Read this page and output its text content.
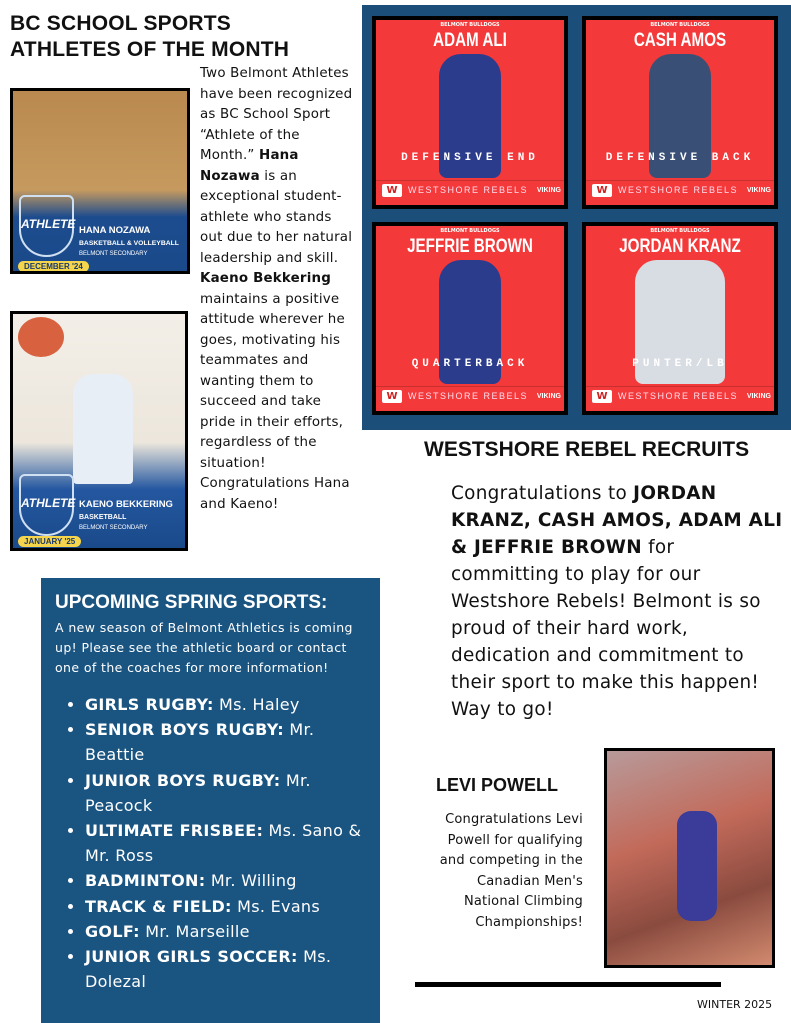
BC SCHOOL SPORTS
ATHLETES OF THE MONTH
ATHLETE HANA NOZAWA
BASKETBALL & VOLLEYBALL
BELMONT SECONDARY
DECEMBER '24
ATHLETE KAENO BEKKERING
BASKETBALL
BELMONT SECONDARY
JANUARY '25
Two Belmont Athletes have been recognized as BC School Sport “Athlete of the Month.” Hana Nozawa is an exceptional student-athlete who stands out due to her natural leadership and skill. Kaeno Bekkering maintains a positive attitude wherever he goes, motivating his teammates and wanting them to succeed and take pride in their efforts, regardless of the situation! Congratulations Hana and Kaeno!
BELMONT BULLDOGS
ADAM ALI
DEFENSIVE END
W	WESTSHORE REBELS VIKING
BELMONT BULLDOGS
CASH AMOS
DEFENSIVE BACK
W	WESTSHORE REBELS VIKING
BELMONT BULLDOGS
JEFFRIE BROWN
QUARTERBACK
W	WESTSHORE REBELS VIKING
BELMONT BULLDOGS
JORDAN KRANZ
PUNTER/LB
W	WESTSHORE REBELS VIKING
WESTSHORE REBEL RECRUITS
Congratulations to JORDAN KRANZ, CASH AMOS, ADAM ALI & JEFFRIE BROWN for committing to play for our Westshore Rebels! Belmont is so proud of their hard work, dedication and commitment to their sport to make this happen! Way to go!
UPCOMING SPRING SPORTS:
A new season of Belmont Athletics is coming up! Please see the athletic board or contact one of the coaches for more information!
• GIRLS RUGBY: Ms. Haley
• SENIOR BOYS RUGBY: Mr. Beattie
• JUNIOR BOYS RUGBY: Mr. Peacock
• ULTIMATE FRISBEE: Ms. Sano & Mr. Ross
• BADMINTON: Mr. Willing
• TRACK & FIELD: Ms. Evans
• GOLF: Mr. Marseille
• JUNIOR GIRLS SOCCER: Ms. Dolezal
LEVI POWELL
Congratulations Levi Powell for qualifying and competing in the Canadian Men's National Climbing Championships!
WINTER 2025
